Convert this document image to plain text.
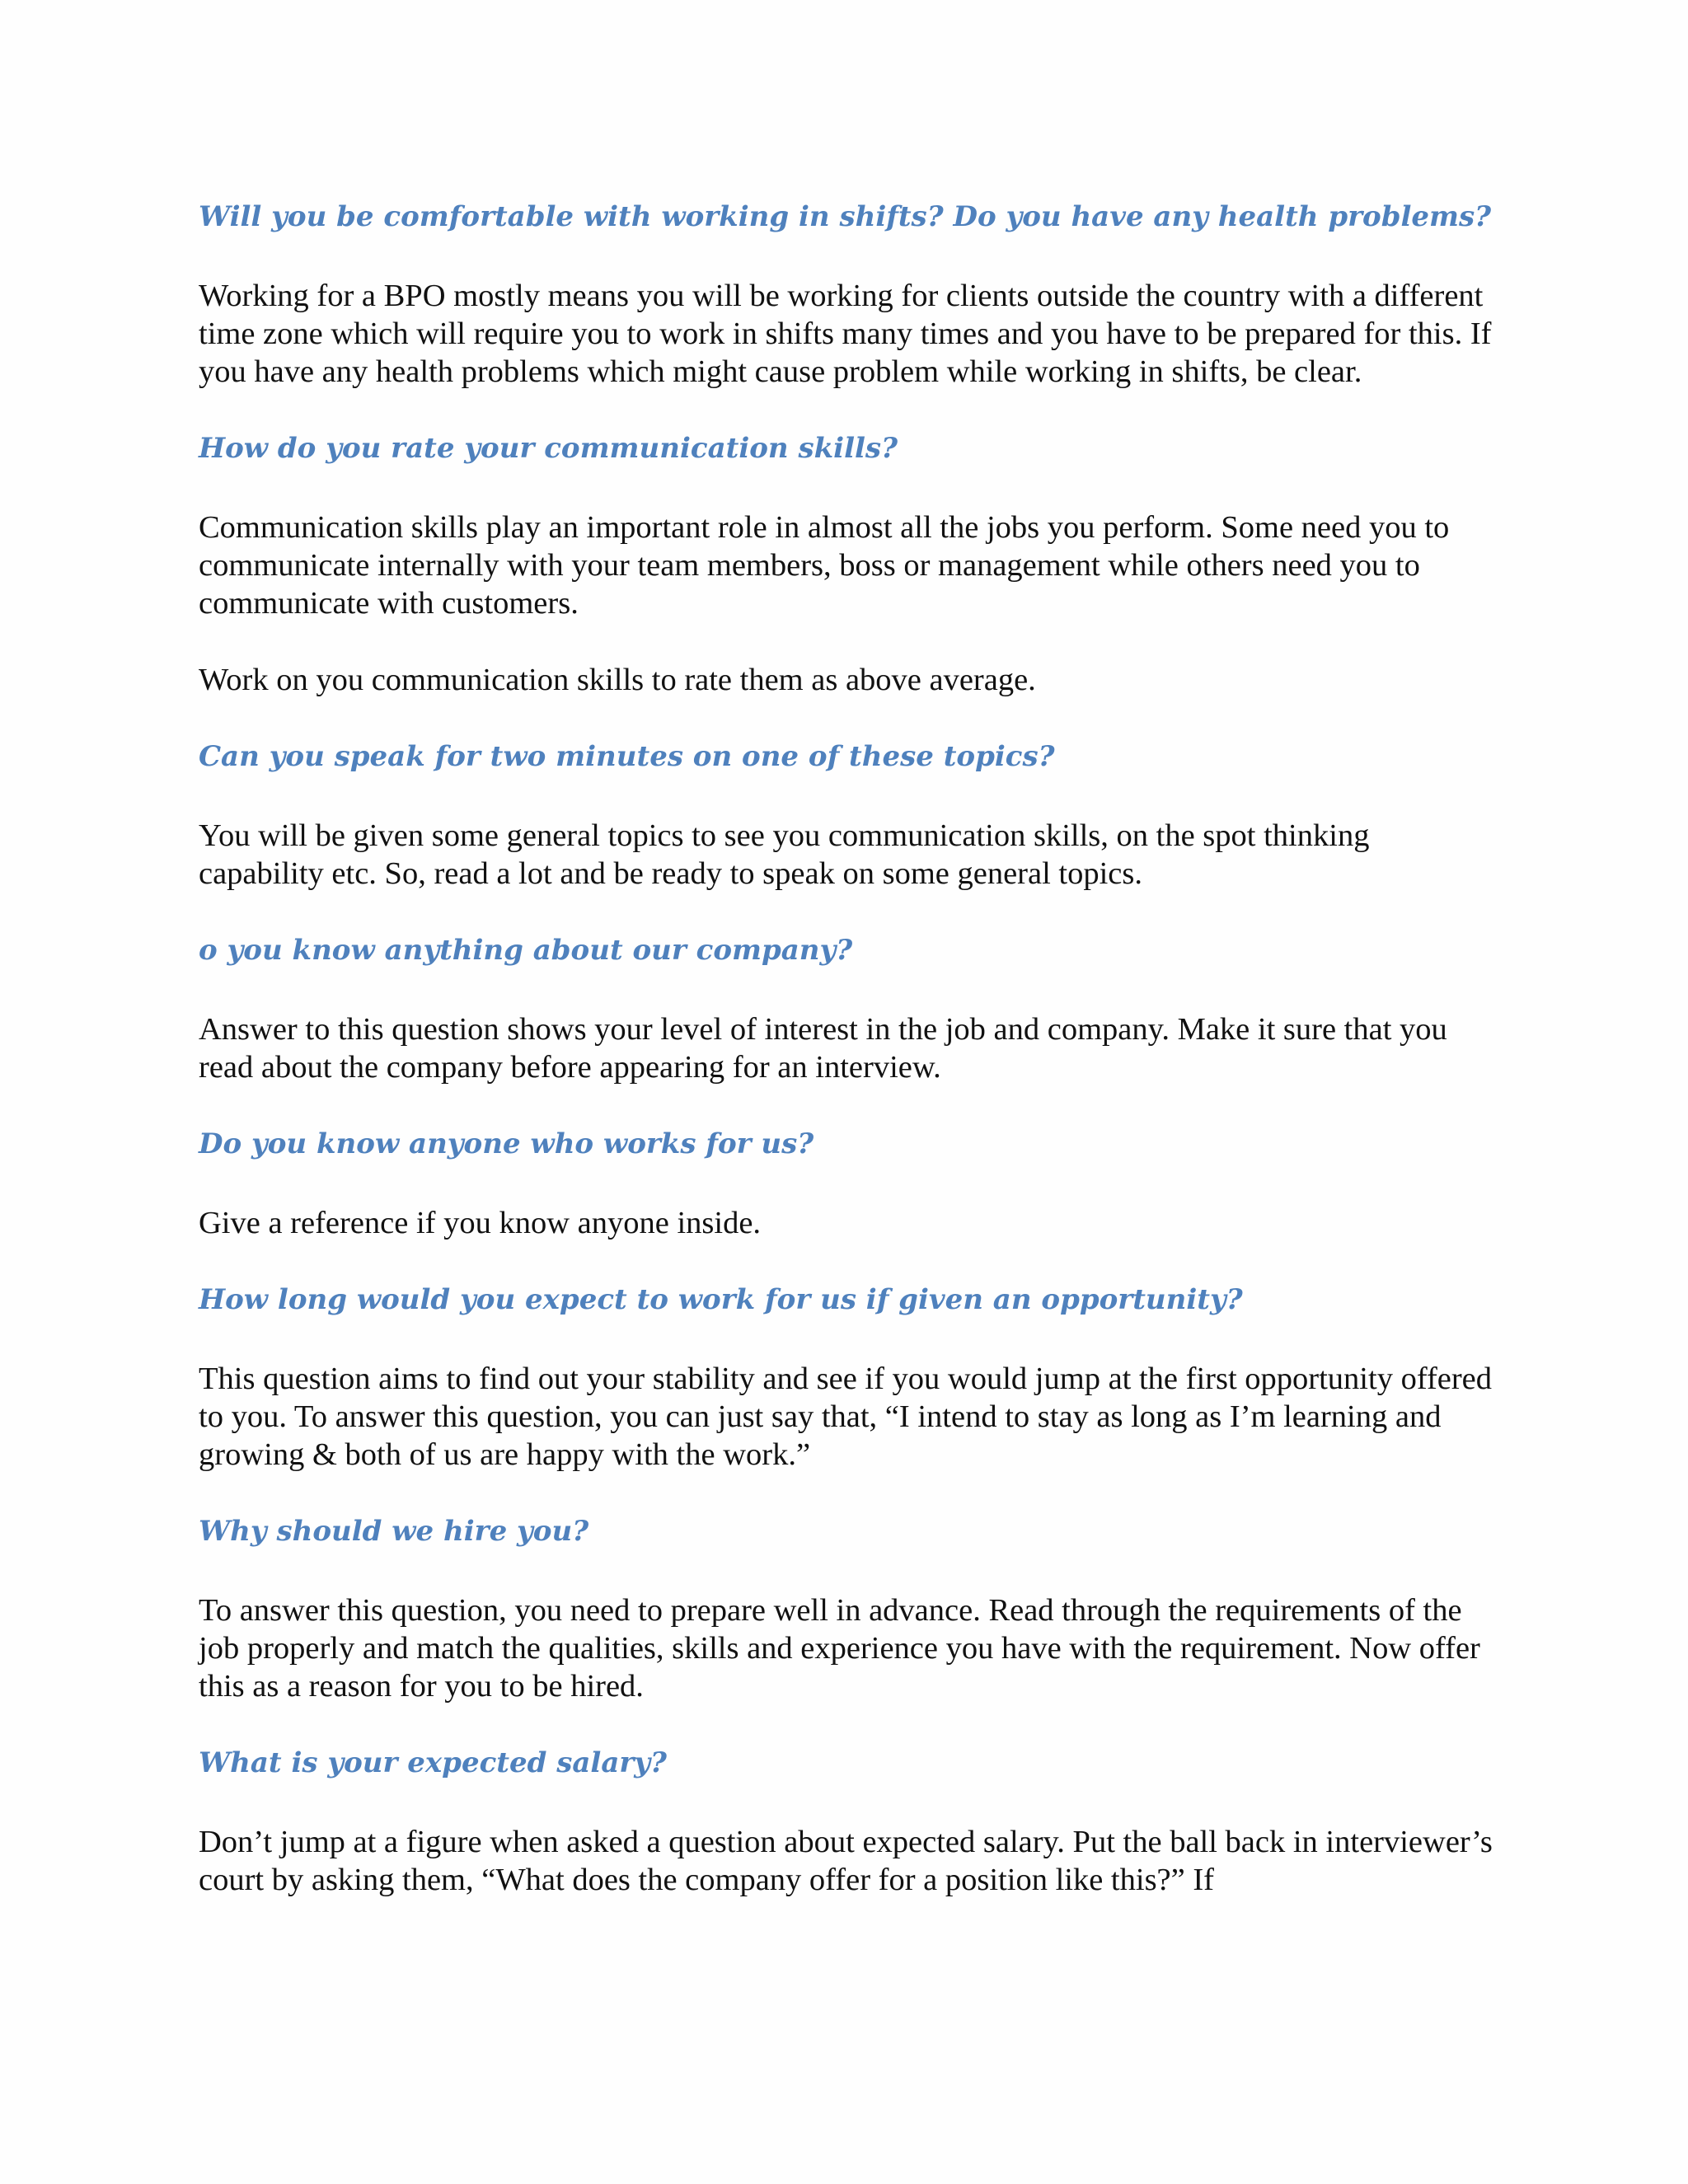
Will you be comfortable with working in shifts? Do you have any health problems?

Working for a BPO mostly means you will be working for clients outside the country with a different time zone which will require you to work in shifts many times and you have to be prepared for this. If you have any health problems which might cause problem while working in shifts, be clear.

How do you rate your communication skills?

Communication skills play an important role in almost all the jobs you perform. Some need you to communicate internally with your team members, boss or management while others need you to communicate with customers.

Work on you communication skills to rate them as above average.

Can you speak for two minutes on one of these topics?

You will be given some general topics to see you communication skills, on the spot thinking capability etc. So, read a lot and be ready to speak on some general topics.

o you know anything about our company?

Answer to this question shows your level of interest in the job and company. Make it sure that you read about the company before appearing for an interview.

Do you know anyone who works for us?

Give a reference if you know anyone inside.

How long would you expect to work for us if given an opportunity?

This question aims to find out your stability and see if you would jump at the first opportunity offered to you. To answer this question, you can just say that, “I intend to stay as long as I’m learning and growing & both of us are happy with the work.”

Why should we hire you?

To answer this question, you need to prepare well in advance. Read through the requirements of the job properly and match the qualities, skills and experience you have with the requirement. Now offer this as a reason for you to be hired.

What is your expected salary?

Don’t jump at a figure when asked a question about expected salary. Put the ball back in interviewer’s court by asking them, “What does the company offer for a position like this?” If
